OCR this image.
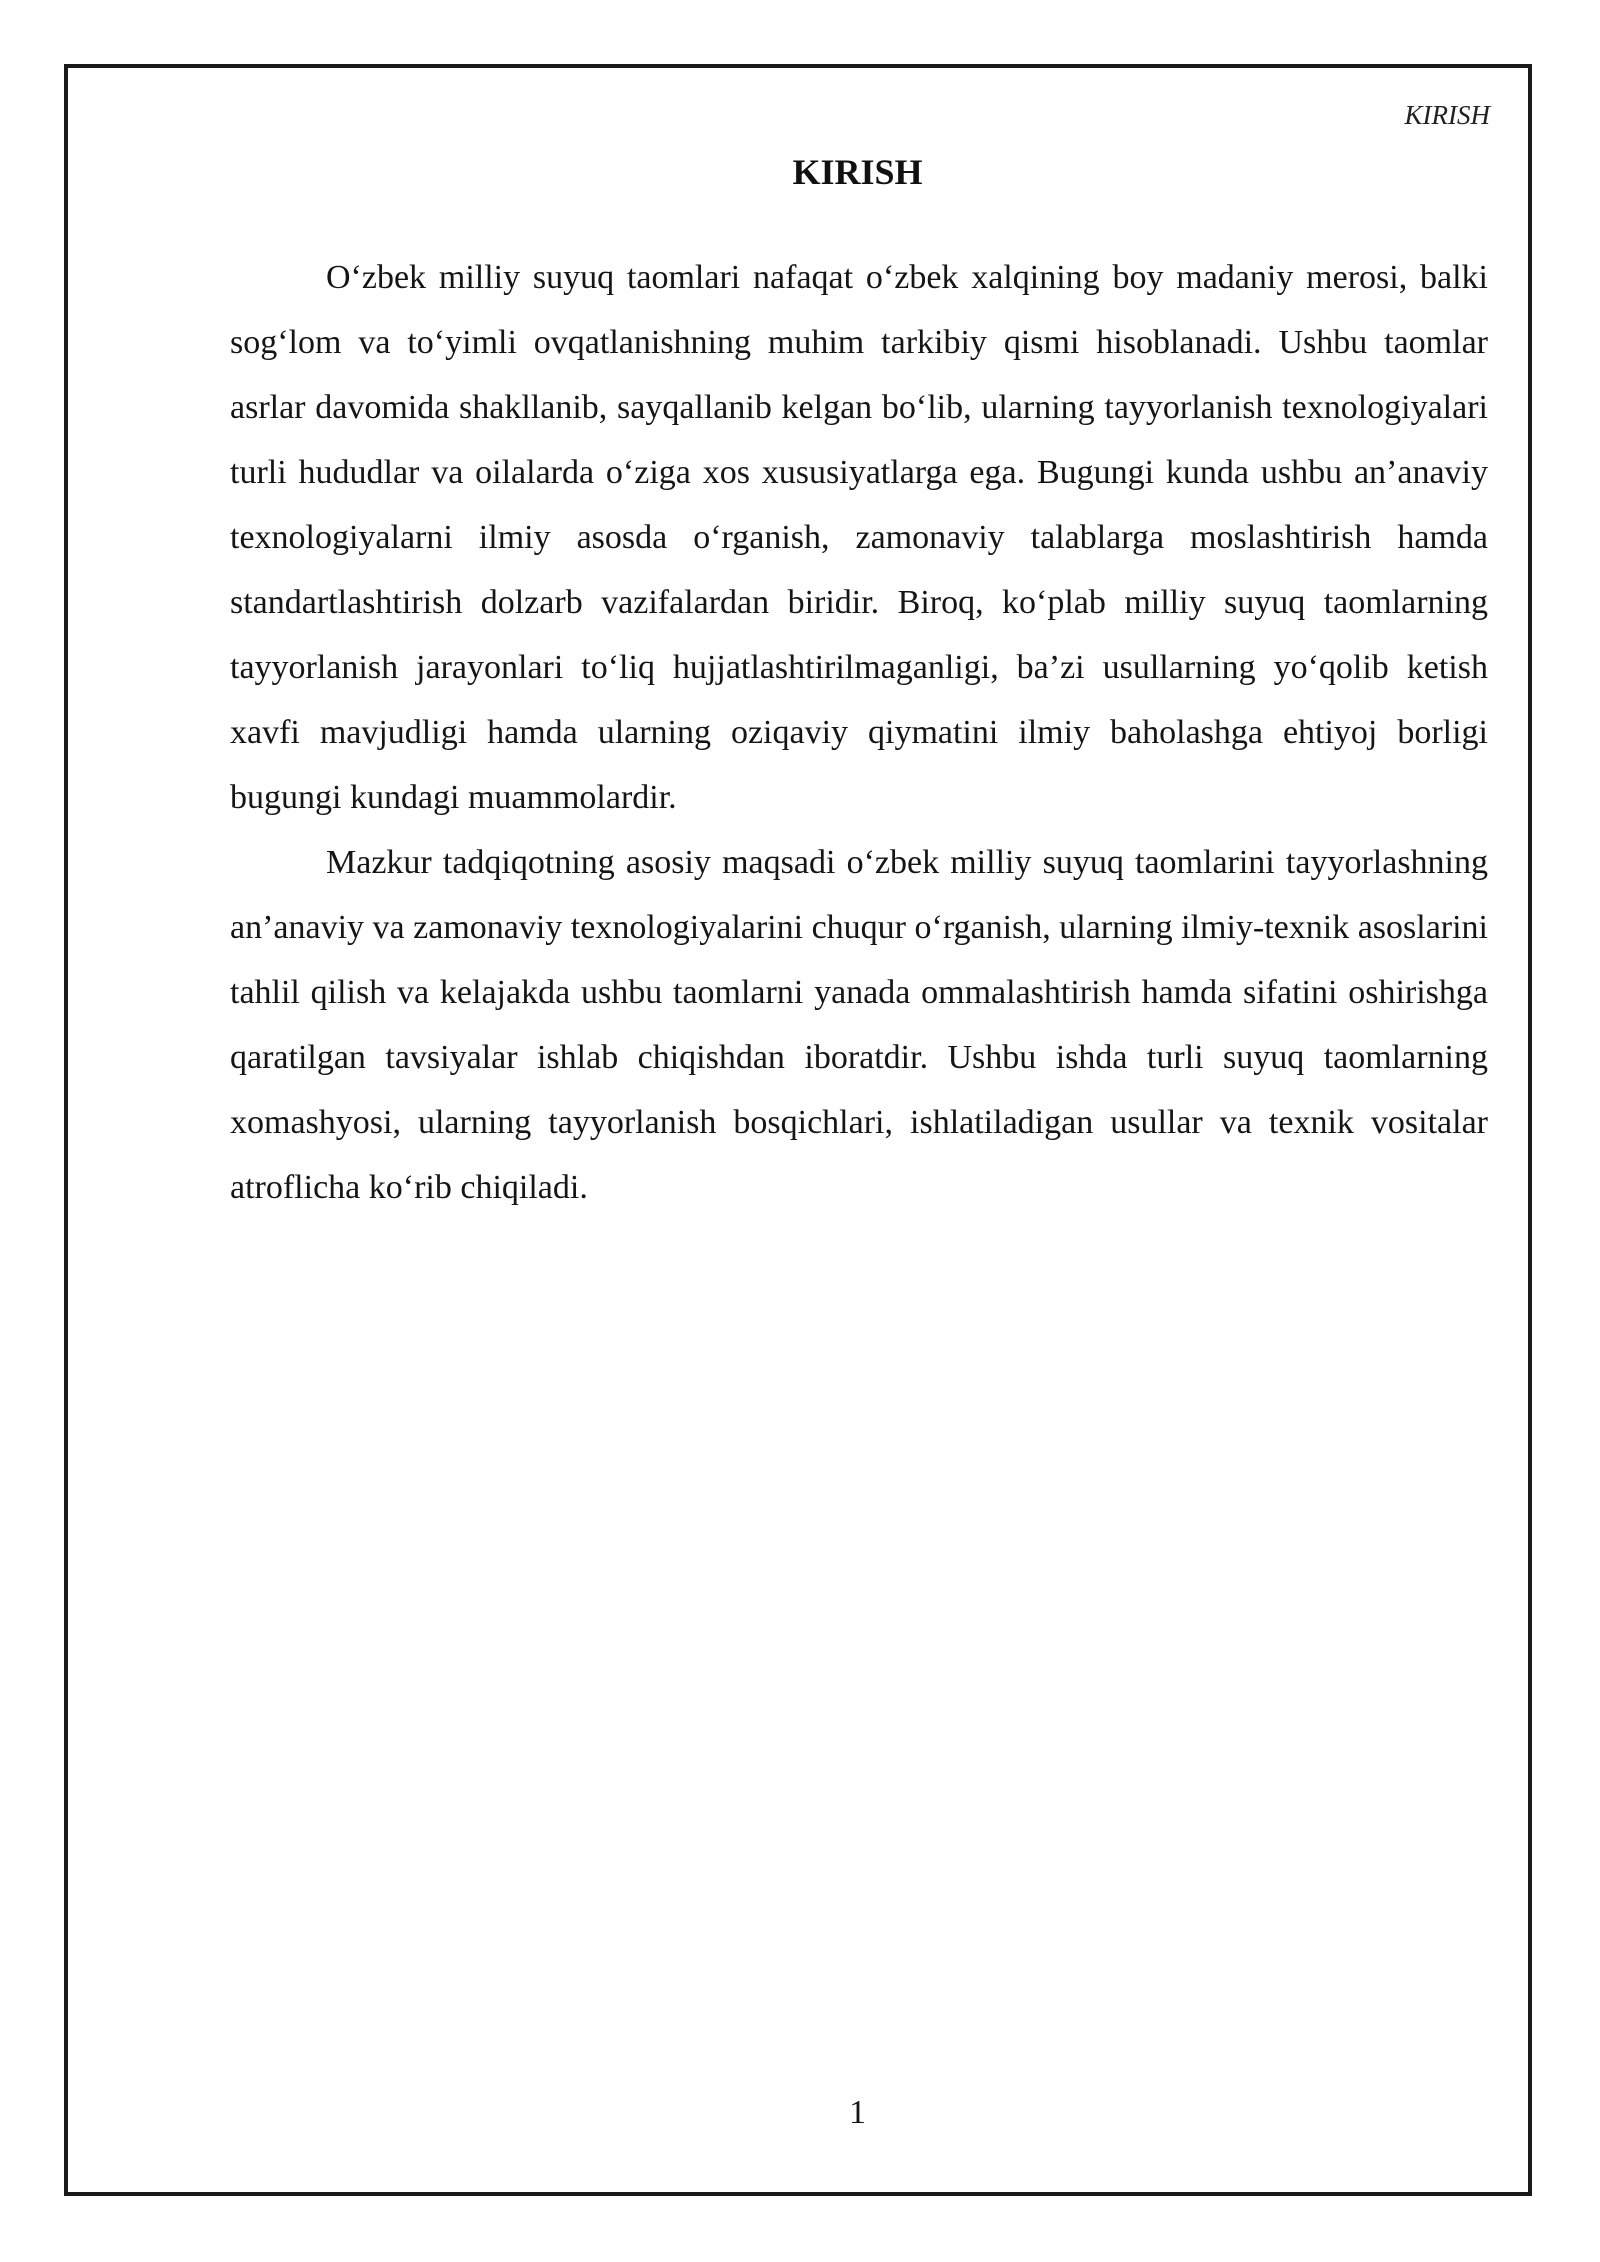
KIRISH
KIRISH

O‘zbek milliy suyuq taomlari nafaqat o‘zbek xalqining boy madaniy merosi, balki sog‘lom va to‘yimli ovqatlanishning muhim tarkibiy qismi hisoblanadi. Ushbu taomlar asrlar davomida shakllanib, sayqallanib kelgan bo‘lib, ularning tayyorlanish texnologiyalari turli hududlar va oilalarda o‘ziga xos xususiyatlarga ega. Bugungi kunda ushbu an’anaviy texnologiyalarni ilmiy asosda o‘rganish, zamonaviy talablarga moslashtirish hamda standartlashtirish dolzarb vazifalardan biridir. Biroq, ko‘plab milliy suyuq taomlarning tayyorlanish jarayonlari to‘liq hujjatlashtirilmaganligi, ba’zi usullarning yo‘qolib ketish xavfi mavjudligi hamda ularning oziqaviy qiymatini ilmiy baholashga ehtiyoj borligi bugungi kundagi muammolardir.

Mazkur tadqiqotning asosiy maqsadi o‘zbek milliy suyuq taomlarini tayyorlashning an’anaviy va zamonaviy texnologiyalarini chuqur o‘rganish, ularning ilmiy-texnik asoslarini tahlil qilish va kelajakda ushbu taomlarni yanada ommalashtirish hamda sifatini oshirishga qaratilgan tavsiyalar ishlab chiqishdan iboratdir. Ushbu ishda turli suyuq taomlarning xomashyosi, ularning tayyorlanish bosqichlari, ishlatiladigan usullar va texnik vositalar atroflicha ko‘rib chiqiladi.

1
